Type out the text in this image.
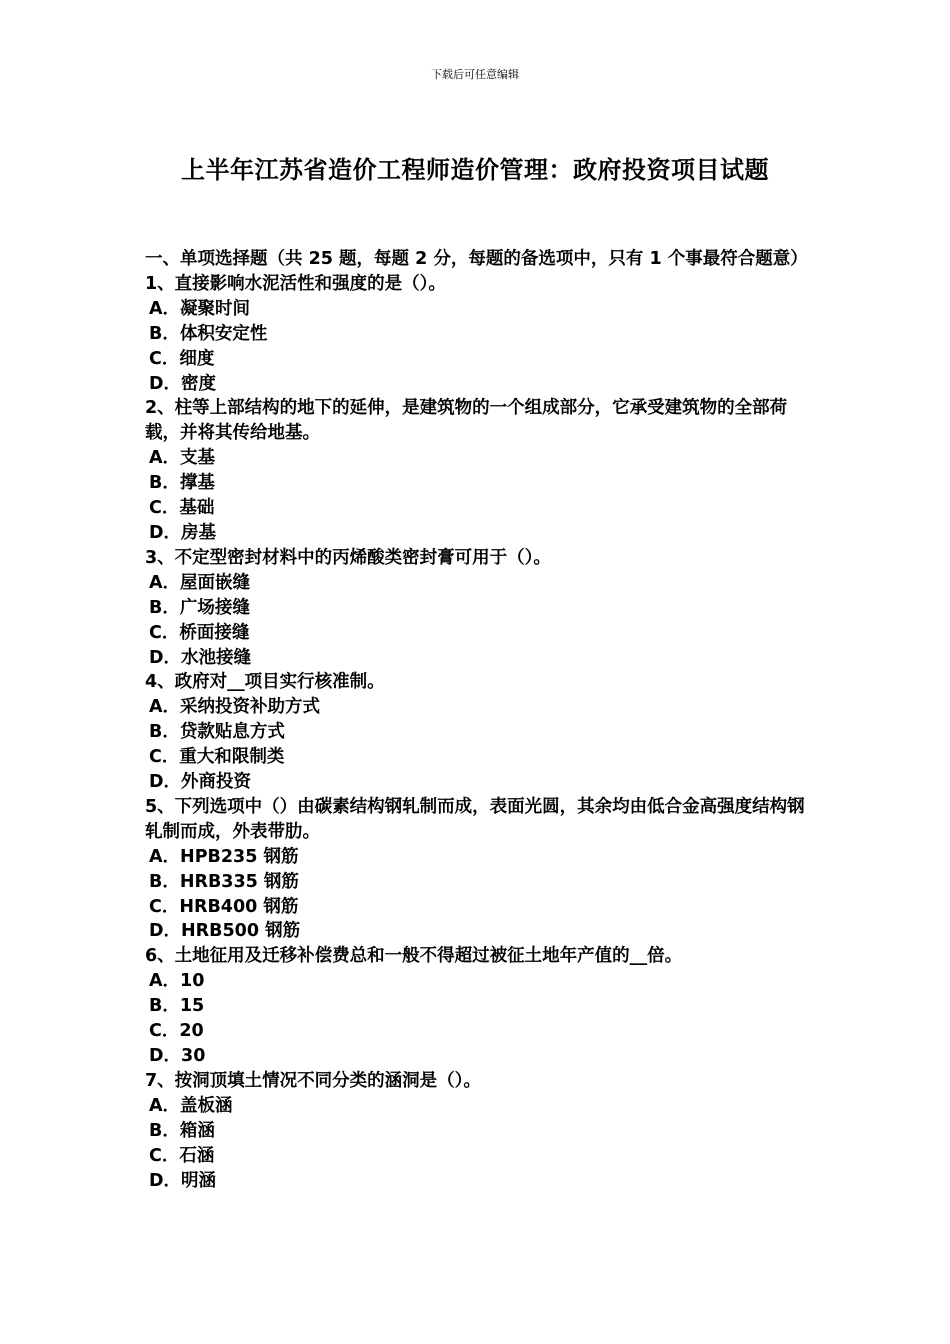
下载后可任意编辑
上半年江苏省造价工程师造价管理：政府投资项目试题
一、单项选择题（共 25 题，每题 2 分，每题的备选项中，只有 1 个事最符合题意）
1、直接影响水泥活性和强度的是（）。
A．凝聚时间
B．体积安定性
C．细度
D．密度
2、柱等上部结构的地下的延伸，是建筑物的一个组成部分，它承受建筑物的全部荷载，并将其传给地基。
A．支基
B．撑基
C．基础
D．房基
3、不定型密封材料中的丙烯酸类密封膏可用于（）。
A．屋面嵌缝
B．广场接缝
C．桥面接缝
D．水池接缝
4、政府对__项目实行核准制。
A．采纳投资补助方式
B．贷款贴息方式
C．重大和限制类
D．外商投资
5、下列选项中（）由碳素结构钢轧制而成，表面光圆，其余均由低合金高强度结构钢轧制而成，外表带肋。
A．HPB235 钢筋
B．HRB335 钢筋
C．HRB400 钢筋
D．HRB500 钢筋
6、土地征用及迁移补偿费总和一般不得超过被征土地年产值的__倍。
A．10
B．15
C．20
D．30
7、按洞顶填土情况不同分类的涵洞是（）。
A．盖板涵
B．箱涵
C．石涵
D．明涵
